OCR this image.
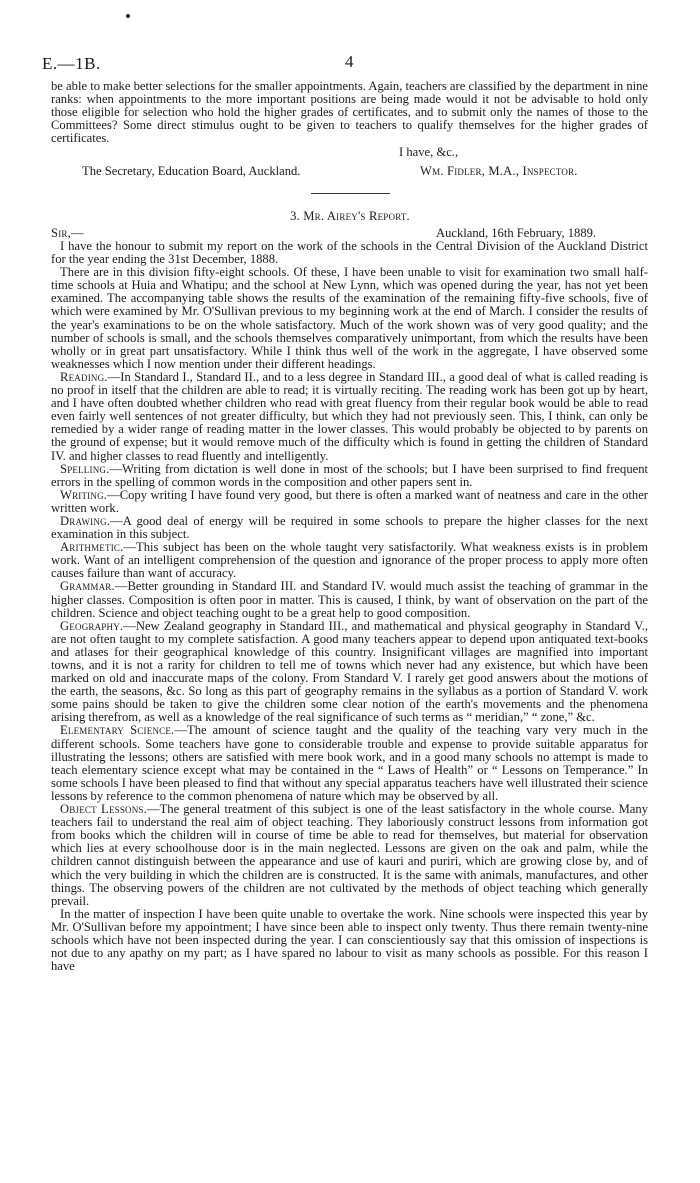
E.—1B.	4

be able to make better selections for the smaller appointments. Again, teachers are classified by the department in nine ranks: when appointments to the more important positions are being made would it not be advisable to hold only those eligible for selection who hold the higher grades of certificates, and to submit only the names of those to the Committees? Some direct stimulus ought to be given to teachers to qualify themselves for the higher grades of certificates.

I have, &c.,
The Secretary, Education Board, Auckland.	Wm. Fidler, M.A., Inspector.
3. Mr. Airey's Report.
Sir,—	Auckland, 16th February, 1889.

I have the honour to submit my report on the work of the schools in the Central Division of the Auckland District for the year ending the 31st December, 1888.

There are in this division fifty-eight schools. Of these, I have been unable to visit for examination two small half-time schools at Huia and Whatipu; and the school at New Lynn, which was opened during the year, has not yet been examined. The accompanying table shows the results of the examination of the remaining fifty-five schools, five of which were examined by Mr. O'Sullivan previous to my beginning work at the end of March. I consider the results of the year's examinations to be on the whole satisfactory. Much of the work shown was of very good quality; and the number of schools is small, and the schools themselves comparatively unimportant, from which the results have been wholly or in great part unsatisfactory. While I think thus well of the work in the aggregate, I have observed some weaknesses which I now mention under their different headings.

Reading.—In Standard I., Standard II., and to a less degree in Standard III., a good deal of what is called reading is no proof in itself that the children are able to read; it is virtually reciting. The reading work has been got up by heart, and I have often doubted whether children who read with great fluency from their regular book would be able to read even fairly well sentences of not greater difficulty, but which they had not previously seen. This, I think, can only be remedied by a wider range of reading matter in the lower classes. This would probably be objected to by parents on the ground of expense; but it would remove much of the difficulty which is found in getting the children of Standard IV. and higher classes to read fluently and intelligently.

Spelling.—Writing from dictation is well done in most of the schools; but I have been surprised to find frequent errors in the spelling of common words in the composition and other papers sent in.

Writing.—Copy writing I have found very good, but there is often a marked want of neatness and care in the other written work.

Drawing.—A good deal of energy will be required in some schools to prepare the higher classes for the next examination in this subject.

Arithmetic.—This subject has been on the whole taught very satisfactorily. What weakness exists is in problem work. Want of an intelligent comprehension of the question and ignorance of the proper process to apply more often causes failure than want of accuracy.

Grammar.—Better grounding in Standard III. and Standard IV. would much assist the teaching of grammar in the higher classes. Composition is often poor in matter. This is caused, I think, by want of observation on the part of the children. Science and object teaching ought to be a great help to good composition.

Geography.—New Zealand geography in Standard III., and mathematical and physical geography in Standard V., are not often taught to my complete satisfaction. A good many teachers appear to depend upon antiquated text-books and atlases for their geographical knowledge of this country. Insignificant villages are magnified into important towns, and it is not a rarity for children to tell me of towns which never had any existence, but which have been marked on old and inaccurate maps of the colony. From Standard V. I rarely get good answers about the motions of the earth, the seasons, &c. So long as this part of geography remains in the syllabus as a portion of Standard V. work some pains should be taken to give the children some clear notion of the earth's movements and the phenomena arising therefrom, as well as a knowledge of the real significance of such terms as “ meridian,” “ zone,” &c.

Elementary Science.—The amount of science taught and the quality of the teaching vary very much in the different schools. Some teachers have gone to considerable trouble and expense to provide suitable apparatus for illustrating the lessons; others are satisfied with mere book work, and in a good many schools no attempt is made to teach elementary science except what may be contained in the “ Laws of Health” or “ Lessons on Temperance.” In some schools I have been pleased to find that without any special apparatus teachers have well illustrated their science lessons by reference to the common phenomena of nature which may be observed by all.

Object Lessons.—The general treatment of this subject is one of the least satisfactory in the whole course. Many teachers fail to understand the real aim of object teaching. They laboriously construct lessons from information got from books which the children will in course of time be able to read for themselves, but material for observation which lies at every schoolhouse door is in the main neglected. Lessons are given on the oak and palm, while the children cannot distinguish between the appearance and use of kauri and puriri, which are growing close by, and of which the very building in which the children are is constructed. It is the same with animals, manufactures, and other things. The observing powers of the children are not cultivated by the methods of object teaching which generally prevail.

In the matter of inspection I have been quite unable to overtake the work. Nine schools were inspected this year by Mr. O'Sullivan before my appointment; I have since been able to inspect only twenty. Thus there remain twenty-nine schools which have not been inspected during the year. I can conscientiously say that this omission of inspections is not due to any apathy on my part; as I have spared no labour to visit as many schools as possible. For this reason I have
